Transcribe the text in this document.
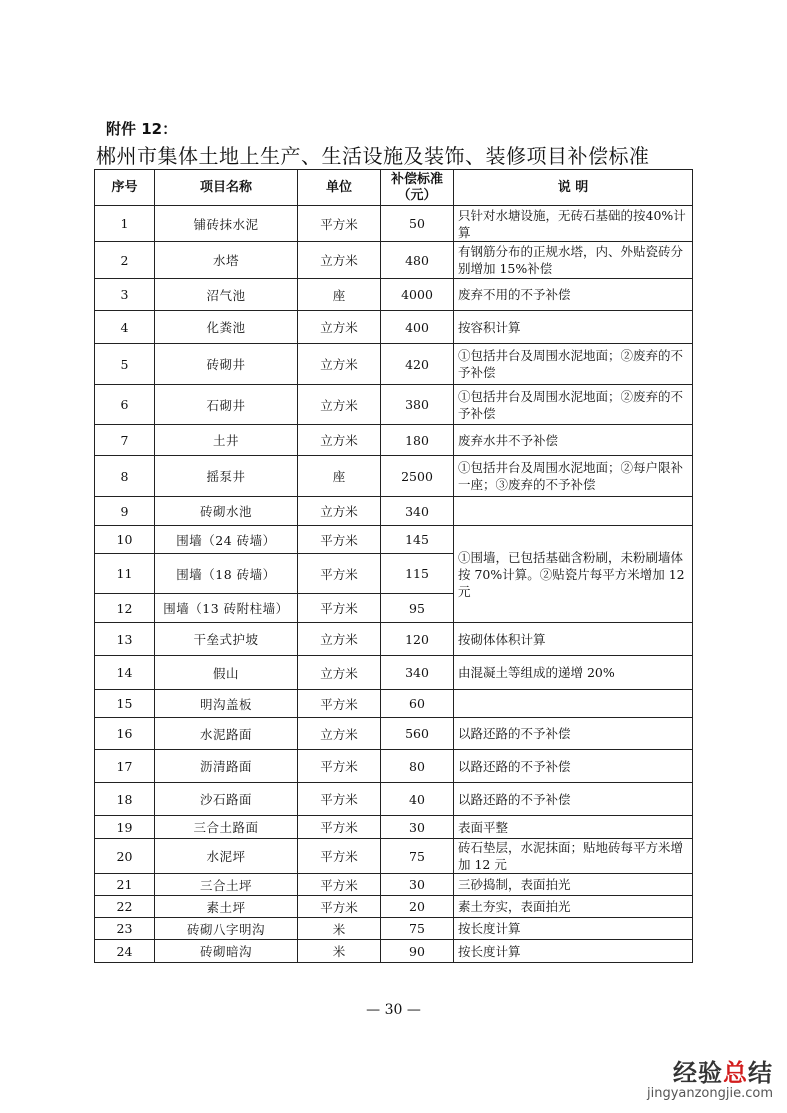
附件 12：
郴州市集体土地上生产、生活设施及装饰、装修项目补偿标准
序号	项目名称	单位	补偿标准（元）	说 明
1	铺砖抹水泥	平方米	50	只针对水塘设施，无砖石基础的按40%计算
2	水塔	立方米	480	有钢筋分布的正规水塔，内、外贴瓷砖分别增加 15%补偿
3	沼气池	座	4000	废弃不用的不予补偿
4	化粪池	立方米	400	按容积计算
5	砖砌井	立方米	420	①包括井台及周围水泥地面；②废弃的不予补偿
6	石砌井	立方米	380	①包括井台及周围水泥地面；②废弃的不予补偿
7	土井	立方米	180	废弃水井不予补偿
8	摇泵井	座	2500	①包括井台及周围水泥地面；②每户限补一座；③废弃的不予补偿
9	砖砌水池	立方米	340	
10	围墙（24 砖墙）	平方米	145	①围墙，已包括基础含粉刷，未粉刷墙体按 70%计算。②贴瓷片每平方米增加 12 元
11	围墙（18 砖墙）	平方米	115	
12	围墙（13 砖附柱墙）	平方米	95	
13	干垒式护坡	立方米	120	按砌体体积计算
14	假山	立方米	340	由混凝土等组成的递增 20%
15	明沟盖板	平方米	60	
16	水泥路面	立方米	560	以路还路的不予补偿
17	沥清路面	平方米	80	以路还路的不予补偿
18	沙石路面	平方米	40	以路还路的不予补偿
19	三合土路面	平方米	30	表面平整
20	水泥坪	平方米	75	砖石垫层，水泥抹面；贴地砖每平方米增加 12 元
21	三合土坪	平方米	30	三砂捣制，表面拍光
22	素土坪	平方米	20	素土夯实，表面拍光
23	砖砌八字明沟	米	75	按长度计算
24	砖砌暗沟	米	90	按长度计算
— 30 —
经验总结
jingyanzongjie.com
